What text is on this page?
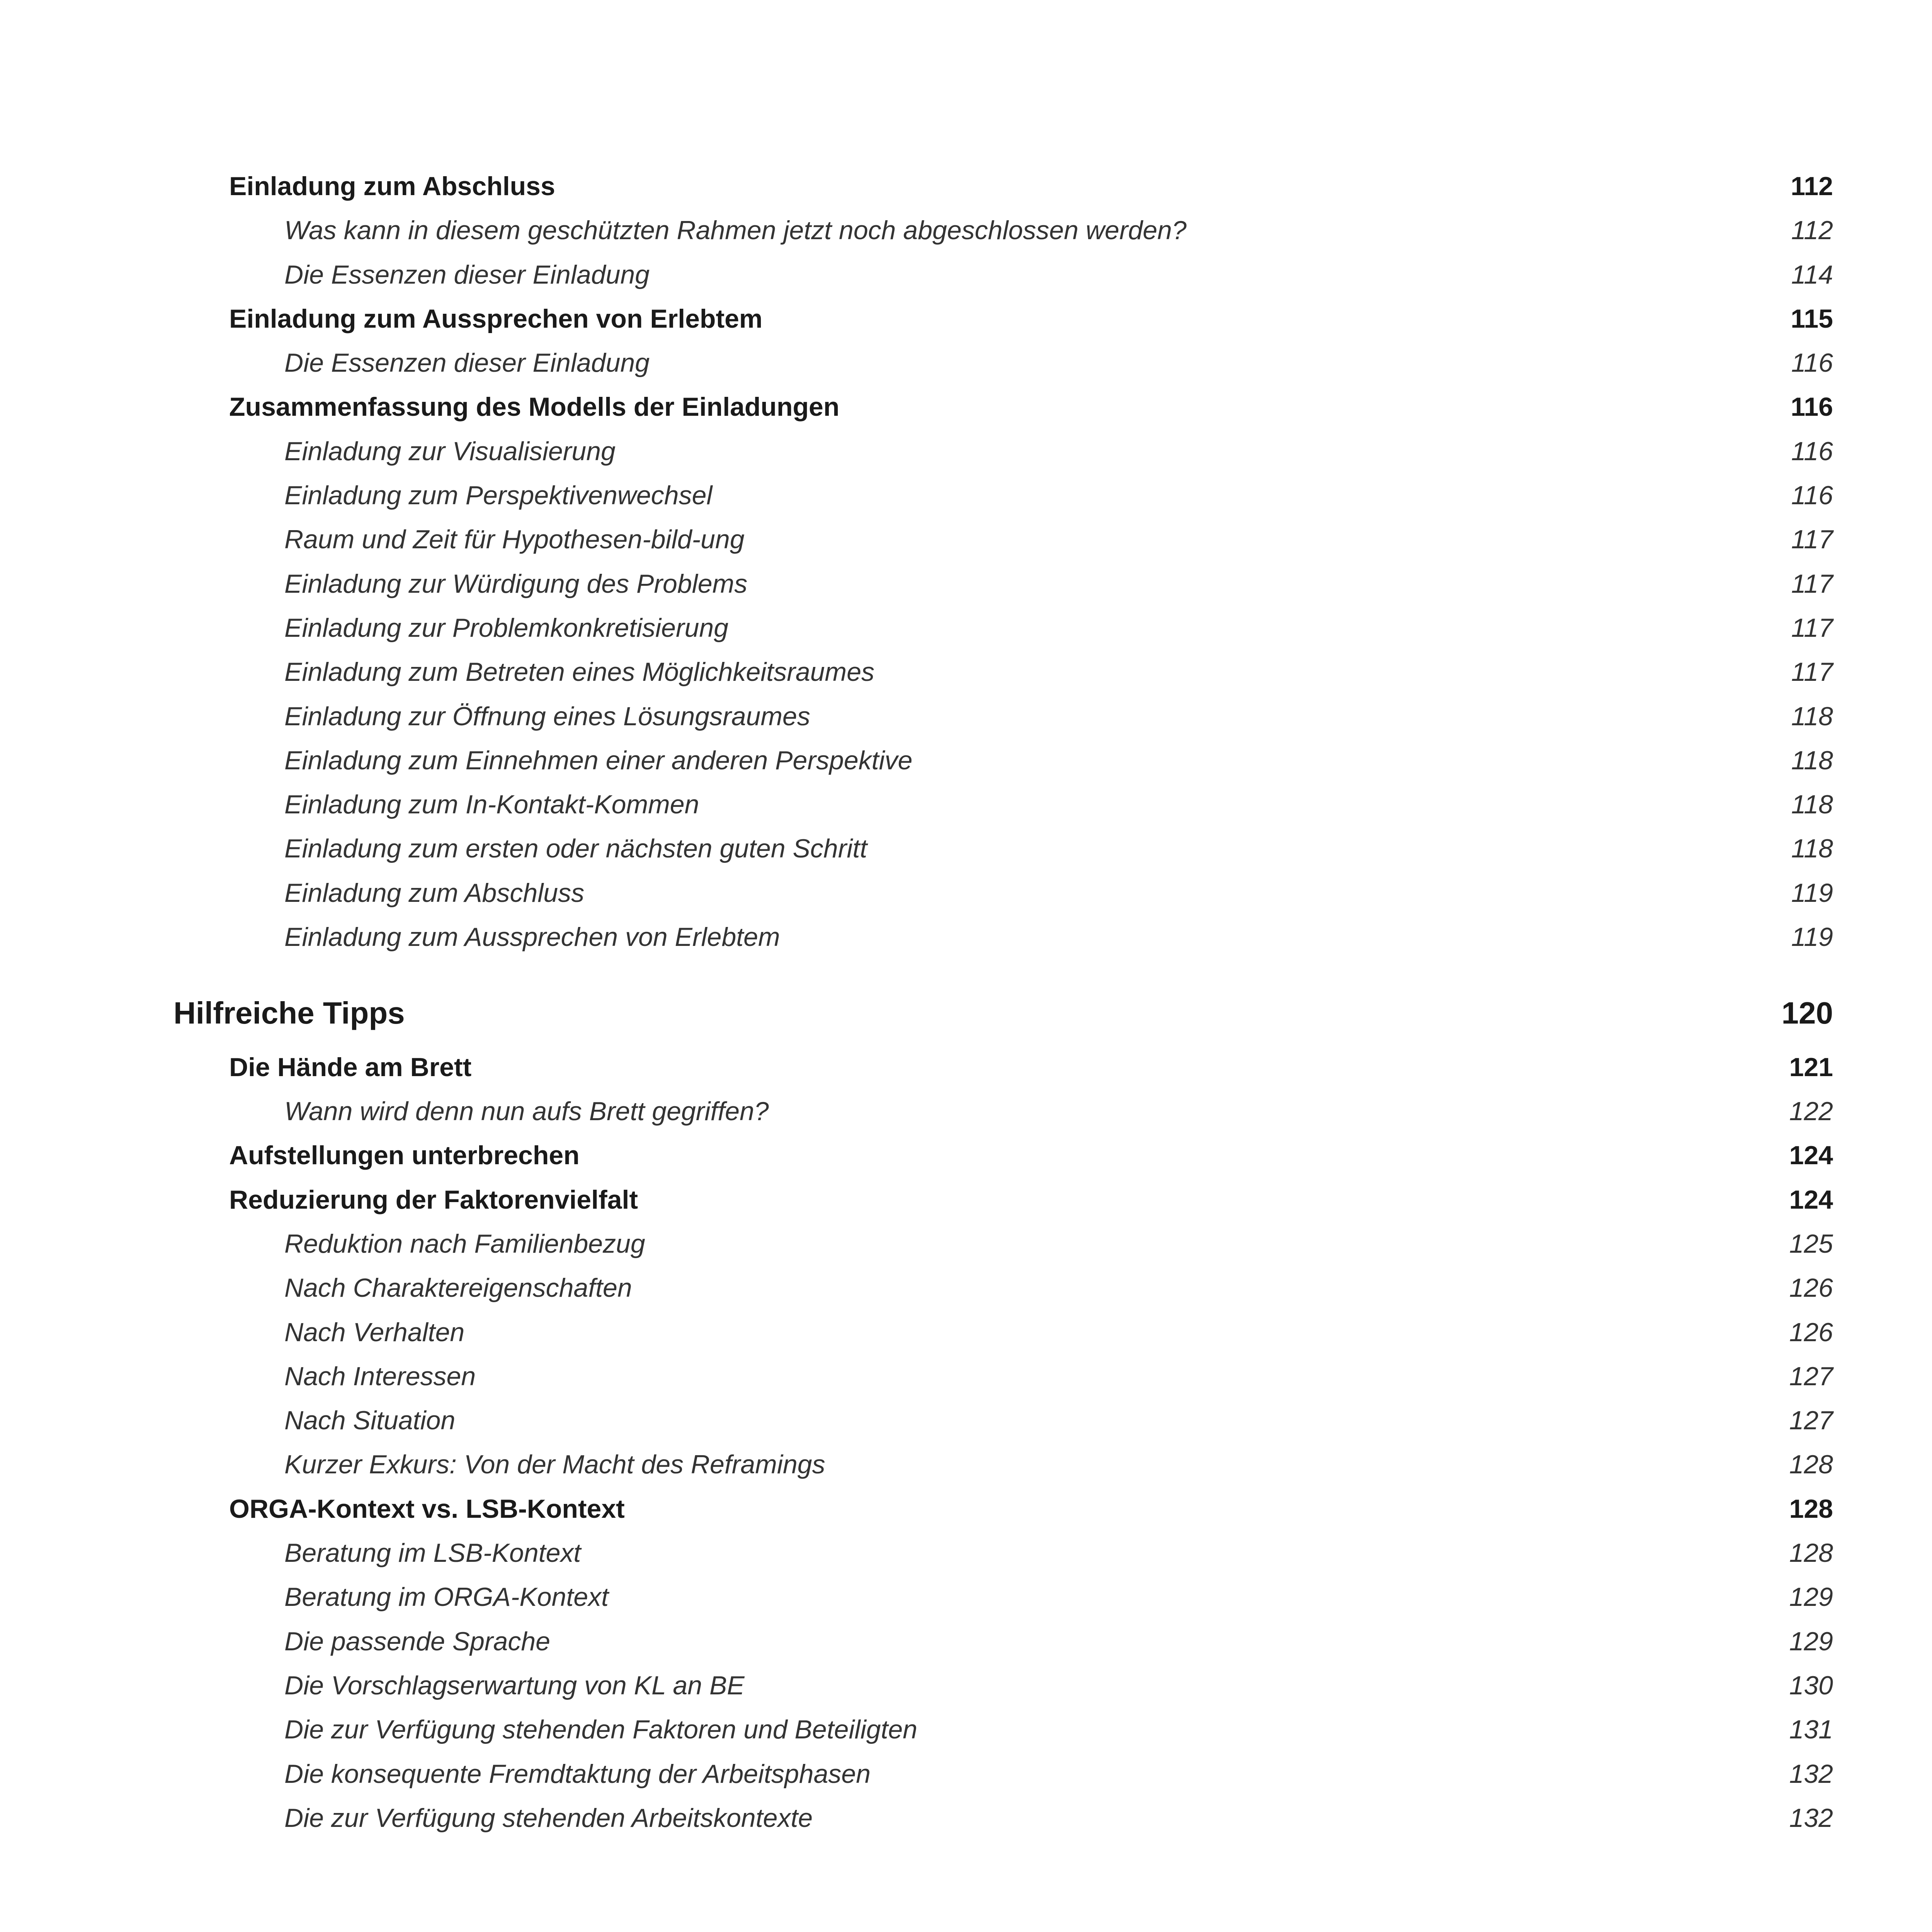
Einladung zum Abschluss	112
Was kann in diesem geschützten Rahmen jetzt noch abgeschlossen werden?	112
Die Essenzen dieser Einladung	114
Einladung zum Aussprechen von Erlebtem	115
Die Essenzen dieser Einladung	116
Zusammenfassung des Modells der Einladungen	116
Einladung zur Visualisierung	116
Einladung zum Perspektivenwechsel	116
Raum und Zeit für Hypothesen-bild-ung	117
Einladung zur Würdigung des Problems	117
Einladung zur Problemkonkretisierung	117
Einladung zum Betreten eines Möglichkeitsraumes	117
Einladung zur Öffnung eines Lösungsraumes	118
Einladung zum Einnehmen einer anderen Perspektive	118
Einladung zum In-Kontakt-Kommen	118
Einladung zum ersten oder nächsten guten Schritt	118
Einladung zum Abschluss	119
Einladung zum Aussprechen von Erlebtem	119
Hilfreiche Tipps	120
Die Hände am Brett	121
Wann wird denn nun aufs Brett gegriffen?	122
Aufstellungen unterbrechen	124
Reduzierung der Faktorenvielfalt	124
Reduktion nach Familienbezug	125
Nach Charaktereigenschaften	126
Nach Verhalten	126
Nach Interessen	127
Nach Situation	127
Kurzer Exkurs: Von der Macht des Reframings	128
ORGA-Kontext vs. LSB-Kontext	128
Beratung im LSB-Kontext	128
Beratung im ORGA-Kontext	129
Die passende Sprache	129
Die Vorschlagserwartung von KL an BE	130
Die zur Verfügung stehenden Faktoren und Beteiligten	131
Die konsequente Fremdtaktung der Arbeitsphasen	132
Die zur Verfügung stehenden Arbeitskontexte	132
